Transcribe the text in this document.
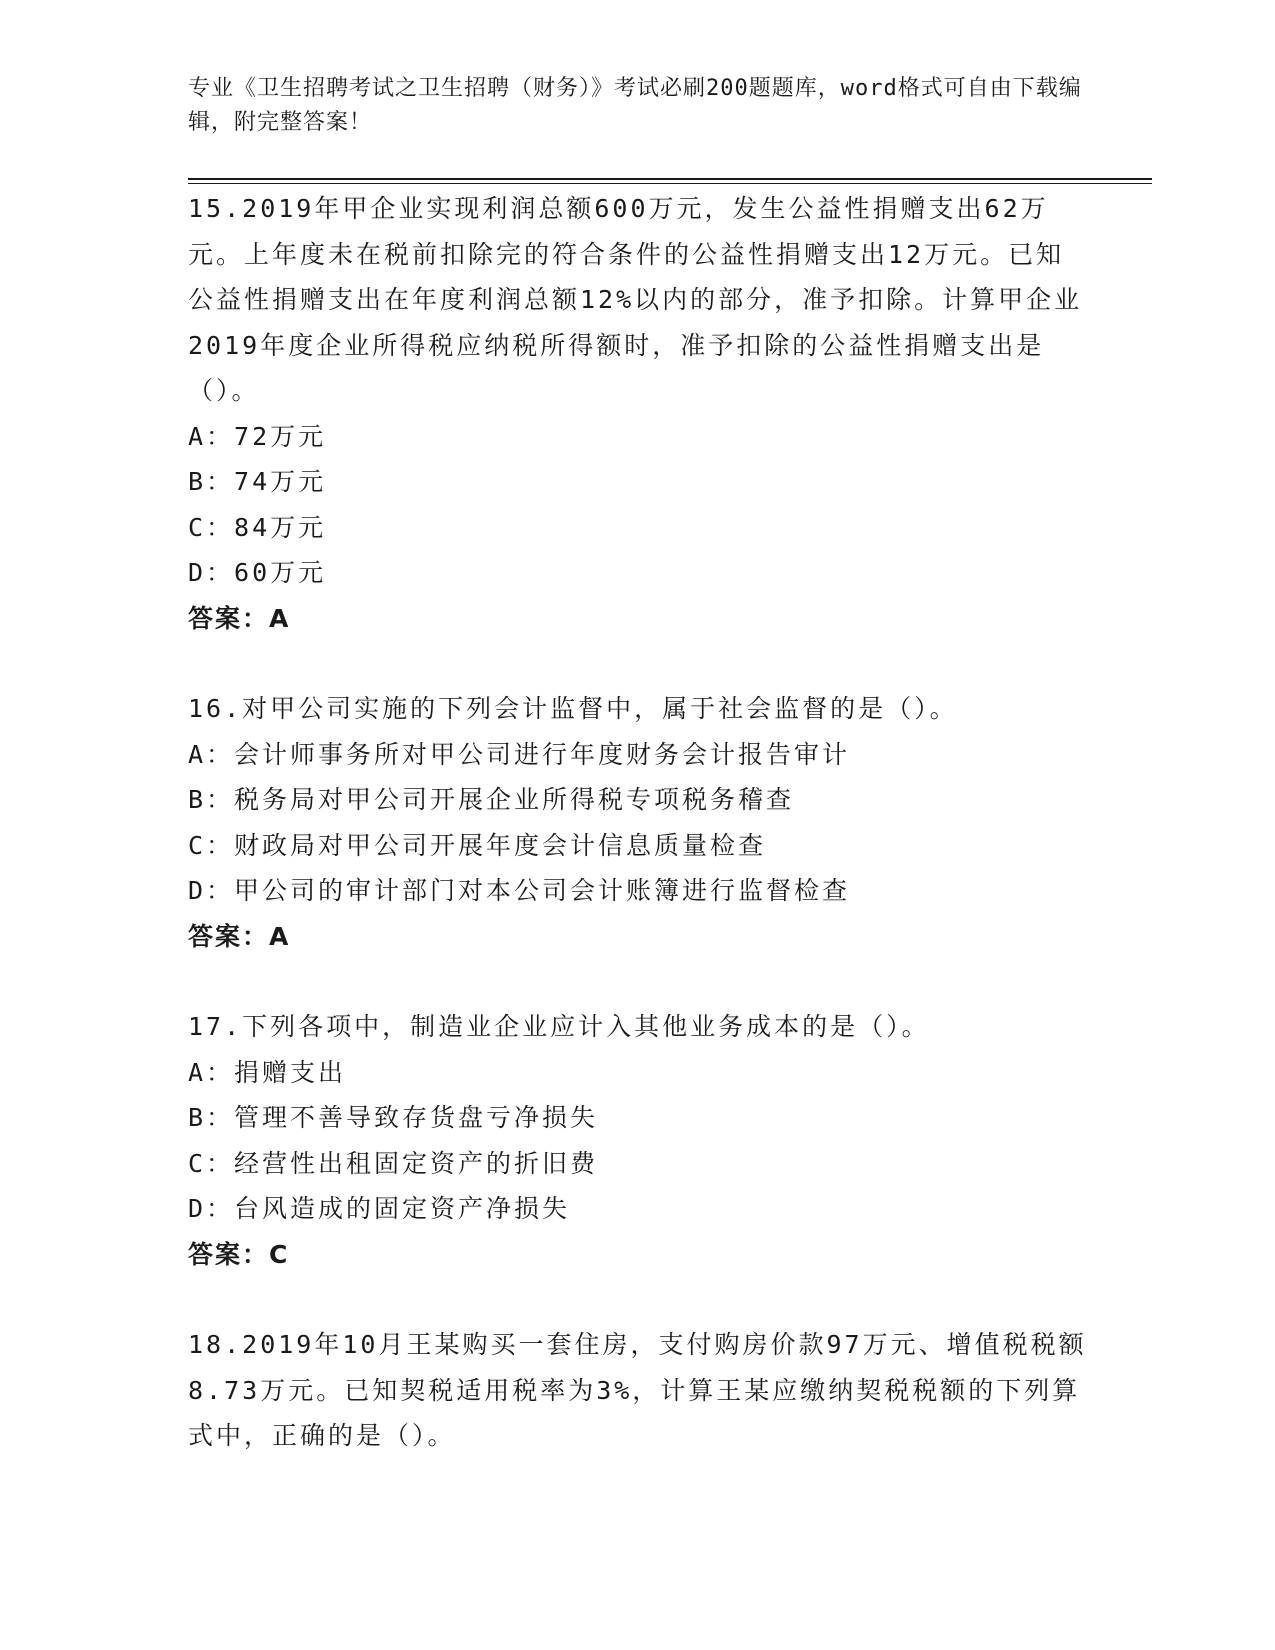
专业《卫生招聘考试之卫生招聘（财务）》考试必刷200题题库，word格式可自由下载编辑，附完整答案！
15.2019年甲企业实现利润总额600万元，发生公益性捐赠支出62万元。上年度未在税前扣除完的符合条件的公益性捐赠支出12万元。已知公益性捐赠支出在年度利润总额12%以内的部分，准予扣除。计算甲企业2019年度企业所得税应纳税所得额时，准予扣除的公益性捐赠支出是（）。
A：72万元
B：74万元
C：84万元
D：60万元
答案：A
16.对甲公司实施的下列会计监督中，属于社会监督的是（）。
A：会计师事务所对甲公司进行年度财务会计报告审计
B：税务局对甲公司开展企业所得税专项税务稽查
C：财政局对甲公司开展年度会计信息质量检查
D：甲公司的审计部门对本公司会计账簿进行监督检查
答案：A
17.下列各项中，制造业企业应计入其他业务成本的是（）。
A：捐赠支出
B：管理不善导致存货盘亏净损失
C：经营性出租固定资产的折旧费
D：台风造成的固定资产净损失
答案：C
18.2019年10月王某购买一套住房，支付购房价款97万元、增值税税额8.73万元。已知契税适用税率为3%，计算王某应缴纳契税税额的下列算式中，正确的是（）。
